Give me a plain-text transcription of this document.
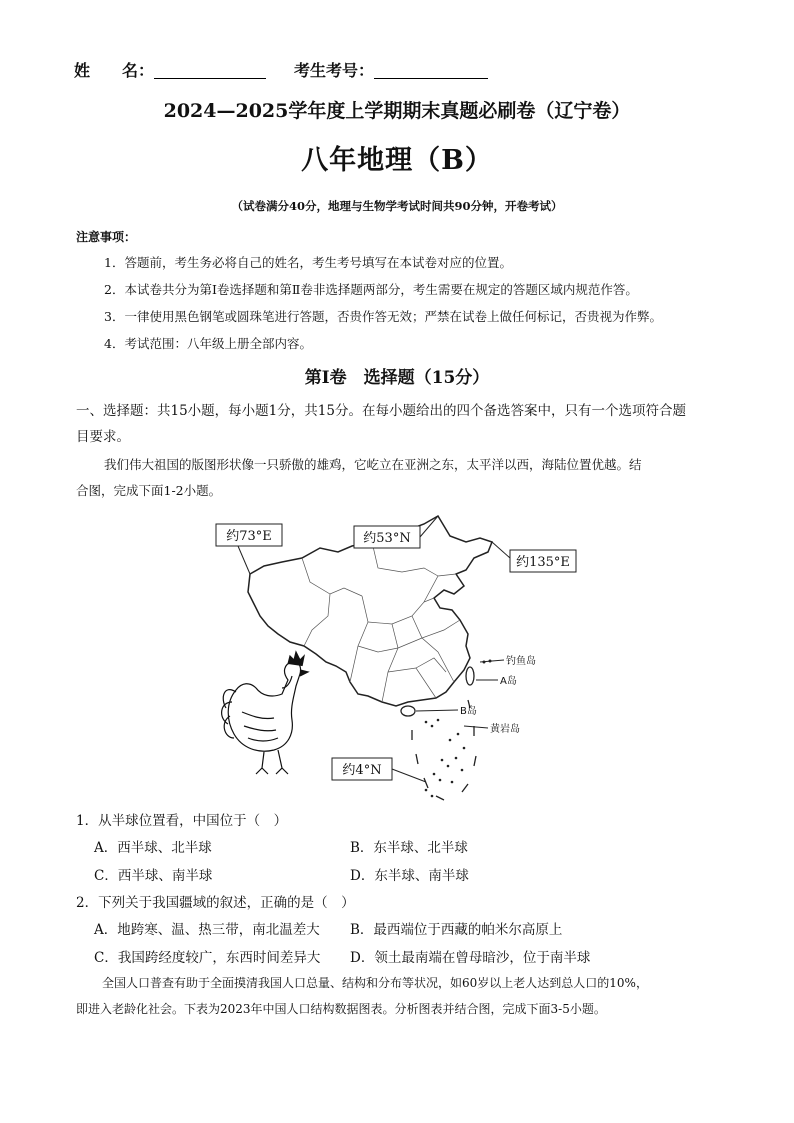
姓　　名：	考生考号：
2024—2025学年度上学期期末真题必刷卷（辽宁卷）
八年地理（B）
（试卷满分40分，地理与生物学考试时间共90分钟，开卷考试）
注意事项：
1．答题前，考生务必将自己的姓名，考生考号填写在本试卷对应的位置。
2．本试卷共分为第Ⅰ卷选择题和第Ⅱ卷非选择题两部分，考生需要在规定的答题区域内规范作答。
3．一律使用黑色钢笔或圆珠笔进行答题，否贵作答无效；严禁在试卷上做任何标记，否贵视为作弊。
4．考试范围：八年级上册全部内容。
第Ⅰ卷　选择题（15分）
一、选择题：共15小题，每小题1分，共15分。在每小题给出的四个备选答案中，只有一个选项符合题
目要求。
我们伟大祖国的版图形状像一只骄傲的雄鸡，它屹立在亚洲之东，太平洋以西，海陆位置优越。结
合图，完成下面1-2小题。
约73°E	约53°N
约135°E
约4°N
钓鱼岛
A岛
B岛
黄岩岛
1．从半球位置看，中国位于（　）
A．西半球、北半球	B．东半球、北半球
C．西半球、南半球	D．东半球、南半球
2．下列关于我国疆域的叙述，正确的是（　）
A．地跨寒、温、热三带，南北温差大 B．最西端位于西藏的帕米尔高原上
C．我国跨经度较广，东西时间差异大 D．领土最南端在曾母暗沙，位于南半球
全国人口普查有助于全面摸清我国人口总量、结构和分布等状况，如60岁以上老人达到总人口的10%，
即进入老龄化社会。下表为2023年中国人口结构数据图表。分析图表并结合图，完成下面3-5小题。
